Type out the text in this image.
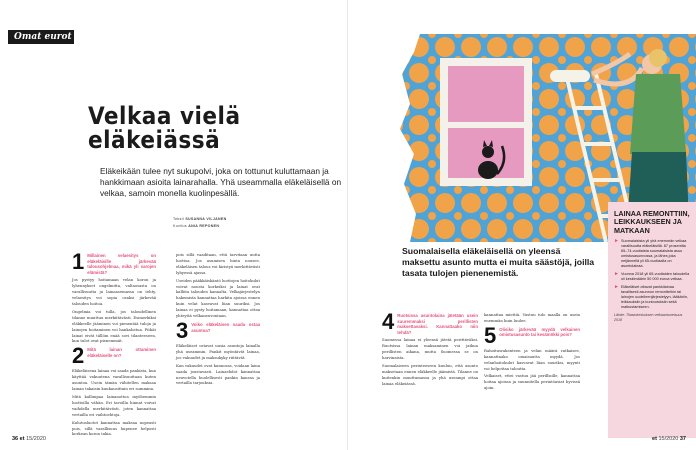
Omat eurot
Velkaa vielä
eläkeiässä
Eläkeikään tulee nyt sukupolvi, joka on tottunut kuluttamaan ja hankkimaan asioita lainarahalla. Yhä useammalla eläkeläisellä on velkaa, samoin monella kuolinpesällä.
Teksti SUSANNA VILJANEN
Kuvitus ANIA REPONEN
1 Millainen velaesitys on eläkeläisille järkevää talousohjelmaa, mikä yli varojen elämistä?

Jos pystyy hoitamaan velan koron ja lyhennykset ongelmitta, valtaosasta on varallisuutta ja lainaasemassa on tehty, velaesitys voi sopia osaksi järkevää talouden hoitoa.

Ongelmia voi tulla, jos taloudellinen tilanne muuttuu merkittävästi. Esimerkiksi eläkkeelle jääminen voi pienentää tuloja ja lainojen hoitaminen voi hankaloitua. Pitkät lainat eivät tällöin enää sovi tilanteeseen, kun tulot ovat pienemmät.

2 Mitä lainan ottaminen eläkeläiselle on?

Eläkeläisena lainaa voi saada pankista, kun käyttää vakuutena varallisuuttaan kuten asuntoa. Usein tämän vähitellen maksaa lainan takaisin kuukausittain eri summina.

Mitä kallimpaa lainanottoa myöhemmin luottoilla vähän. Eri tavoilla hinnat voivat vaihdella merkittävästi, joten kannattaa vertailla eri vaihtoehtoja.

Kulutusluotot kannattaa maksaa nopeasti pois, sillä varallisuus hupenee helposti korkean koron takia.

pois sillä vaaditaan, että tarvitaan uutta luottoa. Jos asumisen hinta nousee, eläkeläisen talous voi kiristyä merkittävästi lyhyessä ajassa.

Useiden pääkkäiskäntö luottojen hoitokulut voivat nousta korkeiksi ja lainat ovat kalliita talouden kannalta. Velkajärjestelyn hakemista kannattaa harkita ajoissa ennen kuin velat kasvavat liian suuriksi. Jos lainaa ei pysty hoitamaan, kannattaa ottaa yhteyttä velkaneuvontaan.

3 Voiko eläkeläisen saada ostaa asuntoa?

Eläkeläiset ostavat uusia asuntoja lainalla yhä useammin. Pankit myöntävät lainaa, jos vakuudet ja maksukyky riittävät.

Kun vakuudet ovat kunnossa, voidaan laina saada joustavasti. Lainaehdot kannattaa neuvotella huolellisesti pankin kanssa ja vertailla tarjouksia.

36 et 15/2020
Suomalaisella eläkeläisellä on yleensä maksettu asunto mutta ei muita säästöjä, joilla tasata tulojen pienenemistä.
4 Ruotsissa asuntolaina jätetään usein suuremmaksi perillisten maksettavaksi. Kannattaako niin tehdä?

Suomessa lainaa ei yleensä jätetä perittäväksi. Ruotsissa lainan maksaminen voi jatkua perillisten aikana, mutta Suomessa se on harvinaista.

Suomalaiseen perinteeseen kuuluu, että asunto maksetaan ennen eläkkeelle jäämistä. Tilanne on kuitenkin muuttumassa ja yhä useampi ottaa lainaa eläkeiässä.

kannattaa miettiä. Vastuu tulo maalla on usein enemmän kuin luulee.

5 Olisiko järkevää myydä velkainen omistusasunto tai kesämökki pois?

Rahoitusrakenteen ja velan määrä ratkaisee, kannattaako omaisuutta myydä. Jos velanhoitokulut kasvavat liian suuriksi, myynti voi helpottaa taloutta.

Velkaiset, ettei vastuu jää perillisille, kannattaa hoitaa ajoissa ja suunnitella perintöasiat hyvissä ajoin.

LAINAA REMONTTIIN, LEIKKAUKSEEN JA MATKAAN
► Suomalaisista yli yhä enemmän velkaa varallisuutta eläkeläisillä. 87 prosenttia 65–74-vuotiaista suomalaisista asuu omistusasunnossa, ja lähes joka neljännellä yli 65-vuotiaalla on asuntolainaa.
► Vuonna 2018 yli 65-vuotiaiden taloudella oli keskimäärin 50 000 euroa velkaa.
► Eläkeläiset ottavat pankkilainaa tavallisesti asunnon remontteihin tai lainojen uudelleenjärjestelyyn, lääkäriin, leikkauksiin ja kuntoutuksiin sekä matkustamiseen.
Lähde: Tilastokeskuksen velkaantuneisuus 2018
et 15/2020 37
